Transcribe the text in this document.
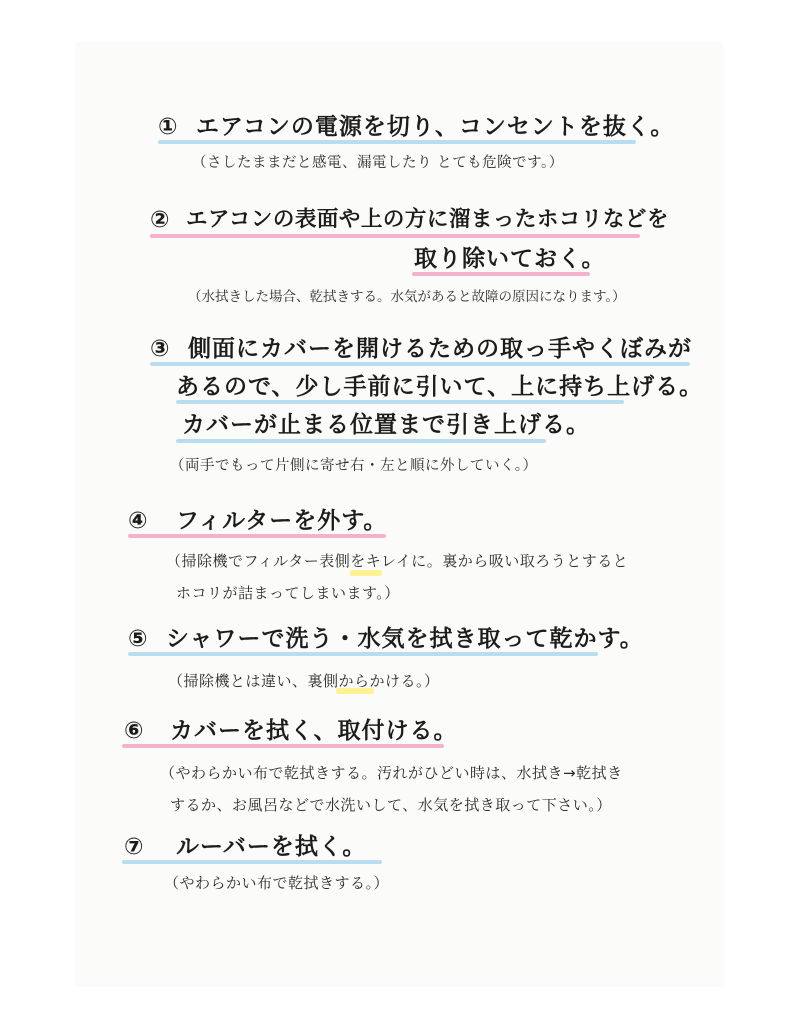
① エアコンの電源を切り、コンセントを抜く。
（さしたままだと感電、漏電したり とても危険です。）
② エアコンの表面や上の方に溜まったホコリなどを
取り除いておく。
（水拭きした場合、乾拭きする。水気があると故障の原因になります。）
③ 側面にカバーを開けるための取っ手やくぼみが
あるので、少し手前に引いて、上に持ち上げる。
カバーが止まる位置まで引き上げる。
（両手でもって片側に寄せ右・左と順に外していく。）
④ フィルターを外す。
（掃除機でフィルター表側をキレイに。裏から吸い取ろうとすると
ホコリが詰まってしまいます。）
⑤ シャワーで洗う・水気を拭き取って乾かす。
（掃除機とは違い、裏側からかける。）
⑥ カバーを拭く、取付ける。
（やわらかい布で乾拭きする。汚れがひどい時は、水拭き→乾拭き
するか、お風呂などで水洗いして、水気を拭き取って下さい。）
⑦ ルーバーを拭く。
（やわらかい布で乾拭きする。）
